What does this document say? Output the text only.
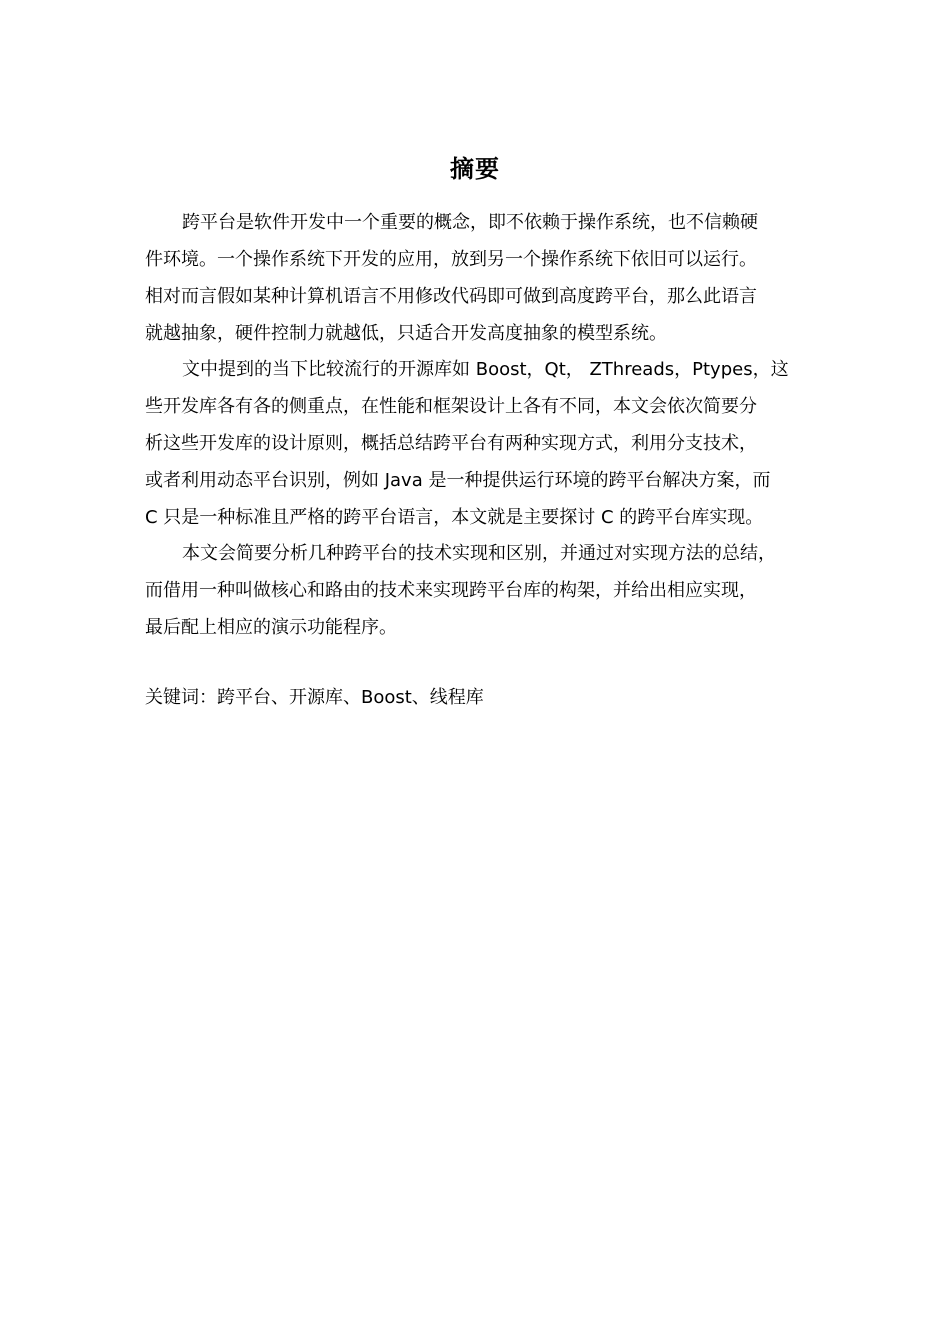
摘要
跨平台是软件开发中一个重要的概念，即不依赖于操作系统，也不信赖硬
件环境。一个操作系统下开发的应用，放到另一个操作系统下依旧可以运行。
相对而言假如某种计算机语言不用修改代码即可做到高度跨平台，那么此语言
就越抽象，硬件控制力就越低，只适合开发高度抽象的模型系统。
文中提到的当下比较流行的开源库如 Boost，Qt， ZThreads，Ptypes，这
些开发库各有各的侧重点，在性能和框架设计上各有不同，本文会依次简要分
析这些开发库的设计原则，概括总结跨平台有两种实现方式，利用分支技术，
或者利用动态平台识别，例如 Java 是一种提供运行环境的跨平台解决方案，而
C 只是一种标准且严格的跨平台语言，本文就是主要探讨 C 的跨平台库实现。
本文会简要分析几种跨平台的技术实现和区别，并通过对实现方法的总结，
而借用一种叫做核心和路由的技术来实现跨平台库的构架，并给出相应实现，
最后配上相应的演示功能程序。
关键词：跨平台、开源库、Boost、线程库
